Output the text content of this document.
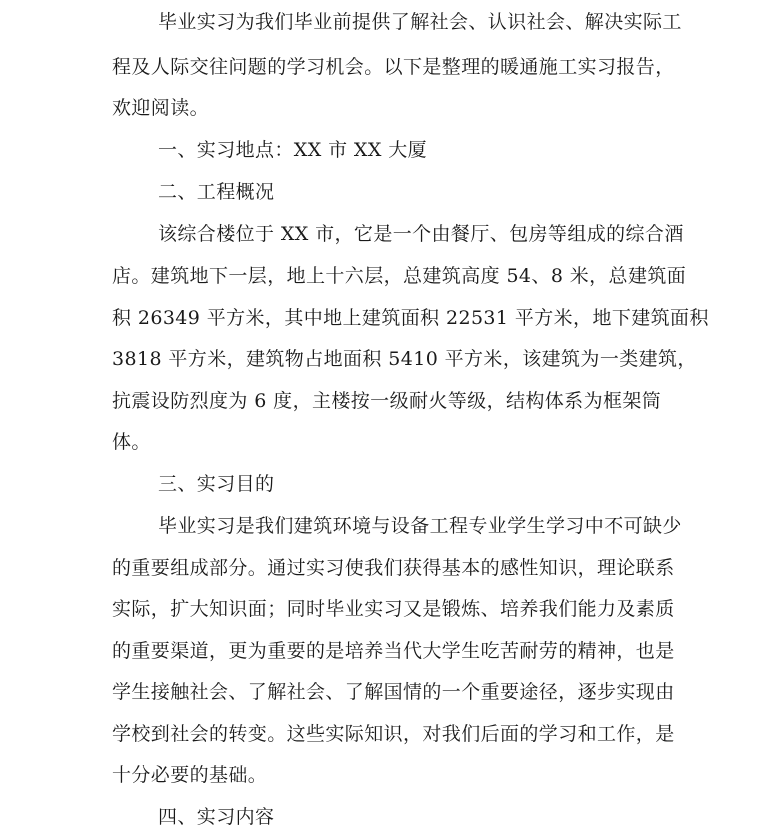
毕业实习为我们毕业前提供了解社会、认识社会、解决实际工
程及人际交往问题的学习机会。以下是整理的暖通施工实习报告，
欢迎阅读。
一、实习地点：XX 市 XX 大厦
二、工程概况
该综合楼位于 XX 市，它是一个由餐厅、包房等组成的综合酒
店。建筑地下一层，地上十六层，总建筑高度 54、8 米，总建筑面
积 26349 平方米，其中地上建筑面积 22531 平方米，地下建筑面积
3818 平方米，建筑物占地面积 5410 平方米，该建筑为一类建筑，
抗震设防烈度为 6 度，主楼按一级耐火等级，结构体系为框架筒
体。
三、实习目的
毕业实习是我们建筑环境与设备工程专业学生学习中不可缺少
的重要组成部分。通过实习使我们获得基本的感性知识，理论联系
实际，扩大知识面；同时毕业实习又是锻炼、培养我们能力及素质
的重要渠道，更为重要的是培养当代大学生吃苦耐劳的精神，也是
学生接触社会、了解社会、了解国情的一个重要途径，逐步实现由
学校到社会的转变。这些实际知识，对我们后面的学习和工作，是
十分必要的基础。
四、实习内容
